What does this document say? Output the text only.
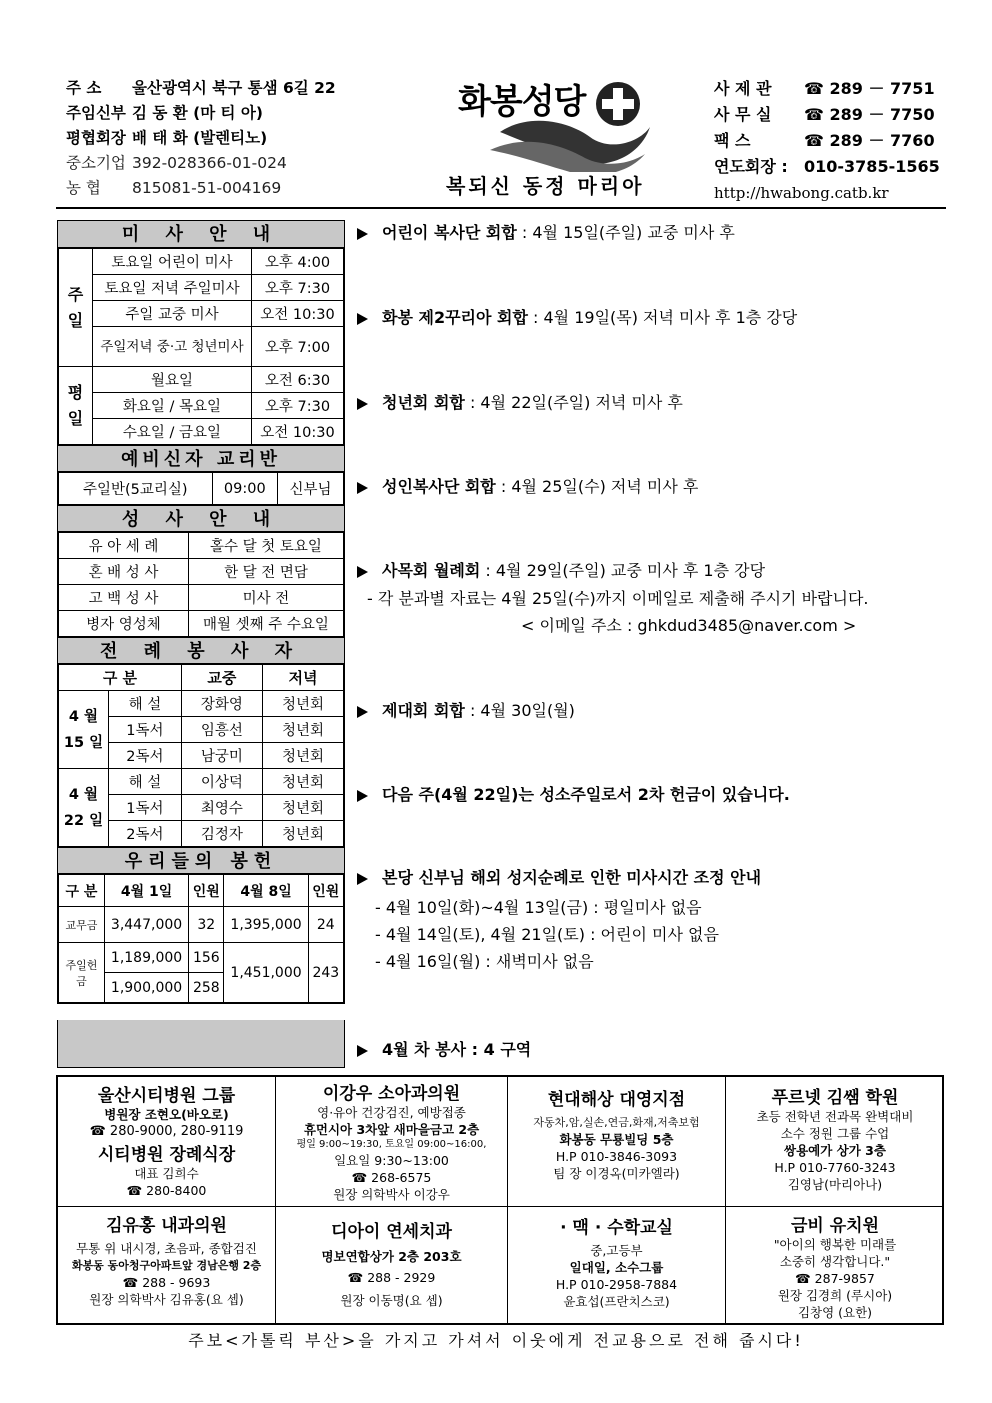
주 소	울산광역시 북구 통샘 6길 22
주임신부 김 동 환 (마 티 아)
평협회장 배 태 화 (발렌티노)
중소기업 392-028366-01-024
농 협	815081-51-004169
화봉성당
복되신 동정 마리아
사 제 관	☎ 289 － 7751
사 무 실	☎ 289 － 7750
팩 스	☎ 289 － 7760
연도회장 :	010-3785-1565
http://hwabong.catb.kr
미 사 안 내
주일	토요일 어린이 미사	오후 4:00
	토요일 저녁 주일미사	오후 7:30
	주일 교중 미사	오전 10:30
	주일저녁 중·고 청년미사	오후 7:00
평일	월요일	오전 6:30
	화요일 / 목요일	오후 7:30
	수요일 / 금요일	오전 10:30
예비신자 교리반
주일반(5교리실)	09:00	신부님
성 사 안 내
유 아 세 례	홀수 달 첫 토요일
혼 배 성 사	한 달 전 면담
고 백 성 사	미사 전
병자 영성체	매월 셋째 주 수요일
전 례 봉 사 자
구 분		교중	저녁
4 월 15 일	해 설	장화영	청년회
	1독서	임흥선	청년회
	2독서	남궁미	청년회
4 월 22 일	해 설	이상덕	청년회
	1독서	최영수	청년회
	2독서	김정자	청년회
우리들의 봉헌
구 분	4월 1일	인원	4월 8일	인원
교무금	3,447,000	32	1,395,000	24
주일헌금	1,189,000	156	1,451,000	243
	1,900,000	258		
어린이 복사단 회합 : 4월 15일(주일) 교중 미사 후
화봉 제2꾸리아 회합 : 4월 19일(목) 저녁 미사 후 1층 강당
청년회 회합 : 4월 22일(주일) 저녁 미사 후
성인복사단 회합 : 4월 25일(수) 저녁 미사 후
사목회 월례회 : 4월 29일(주일) 교중 미사 후 1층 강당
- 각 분과별 자료는 4월 25일(수)까지 이메일로 제출해 주시기 바랍니다.
< 이메일 주소 : ghkdud3485@naver.com >
제대회 회합 : 4월 30일(월)
다음 주(4월 22일)는 성소주일로서 2차 헌금이 있습니다.
본당 신부님 해외 성지순례로 인한 미사시간 조정 안내
- 4월 10일(화)~4월 13일(금) : 평일미사 없음
- 4월 14일(토), 4월 21일(토) : 어린이 미사 없음
- 4월 16일(월) : 새벽미사 없음
4월 차 봉사 : 4 구역
울산시티병원 그룹
병원장 조현오(바오로)
☎ 280-9000, 280-9119
시티병원 장례식장
대표 김희수
☎ 280-8400
이강우 소아과의원
영·유아 건강검진, 예방접종
휴먼시아 3차앞 새마을금고 2층
평일 9:00~19:30, 토요일 09:00~16:00,
일요일 9:30~13:00
☎ 268-6575
원장 의학박사 이강우
현대해상 대영지점
자동차,암,실손,연금,화재,저축보험
화봉동 무룡빌딩 5층
H.P 010-3846-3093
팀 장 이경옥(미카엘라)
푸르넷 김쌤 학원
초등 전학년 전과목 완벽대비
소수 정원 그룹 수업
쌍용예가 상가 3층
H.P 010-7760-3243
김영남(마리아나)
김유홍 내과의원
무통 위 내시경, 초음파, 종합검진
화봉동 동아청구아파트앞 경남은행 2층
☎ 288 - 9693
원장 의학박사 김유홍(요 셉)
디아이 연세치과
명보연합상가 2층 203호
☎ 288 - 2929
원장 이동명(요 셉)
· 맥 · 수학교실
중,고등부
일대일, 소수그룹
H.P 010-2958-7884
윤효섭(프란치스코)
금비 유치원
"아이의 행복한 미래를
소중히 생각합니다."
☎ 287-9857
원장 김경희 (루시아)
김창영 (요한)
주보<가톨릭 부산>을 가지고 가셔서 이웃에게 전교용으로 전해 줍시다!
